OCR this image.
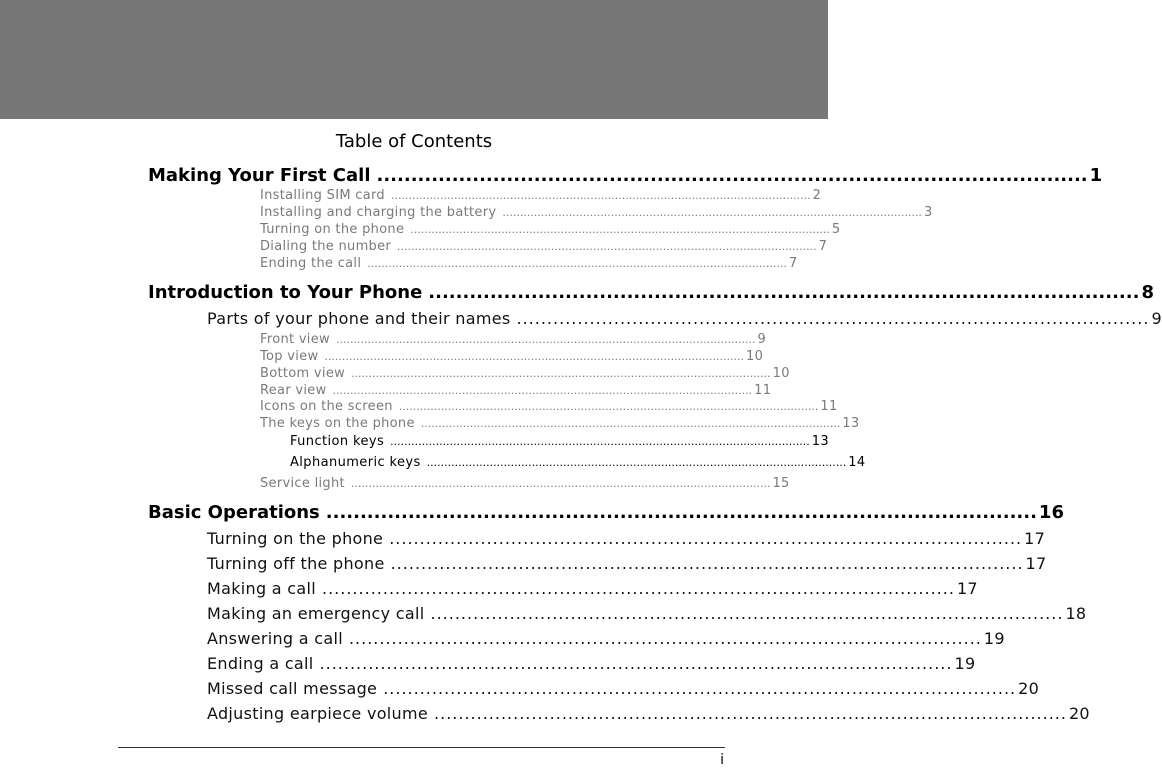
Table of Contents
Making Your First Call ........................................................................................................ 1
Installing SIM card ........................................................................................................................ 2
Installing and charging the battery ........................................................................................................................ 3
Turning on the phone ........................................................................................................................ 5
Dialing the number ........................................................................................................................ 7
Ending the call ........................................................................................................................ 7
Introduction to Your Phone ........................................................................................................ 8
Parts of your phone and their names ........................................................................................................ 9
Front view ........................................................................................................................ 9
Top view ........................................................................................................................ 10
Bottom view ........................................................................................................................ 10
Rear view ........................................................................................................................ 11
Icons on the screen ........................................................................................................................ 11
The keys on the phone ........................................................................................................................ 13
Function keys ........................................................................................................................ 13
Alphanumeric keys ........................................................................................................................ 14
Service light ........................................................................................................................ 15
Basic Operations ........................................................................................................ 16
Turning on the phone ........................................................................................................ 17
Turning off the phone ........................................................................................................ 17
Making a call ........................................................................................................ 17
Making an emergency call ........................................................................................................ 18
Answering a call ........................................................................................................ 19
Ending a call ........................................................................................................ 19
Missed call message ........................................................................................................ 20
Adjusting earpiece volume ........................................................................................................ 20
i
